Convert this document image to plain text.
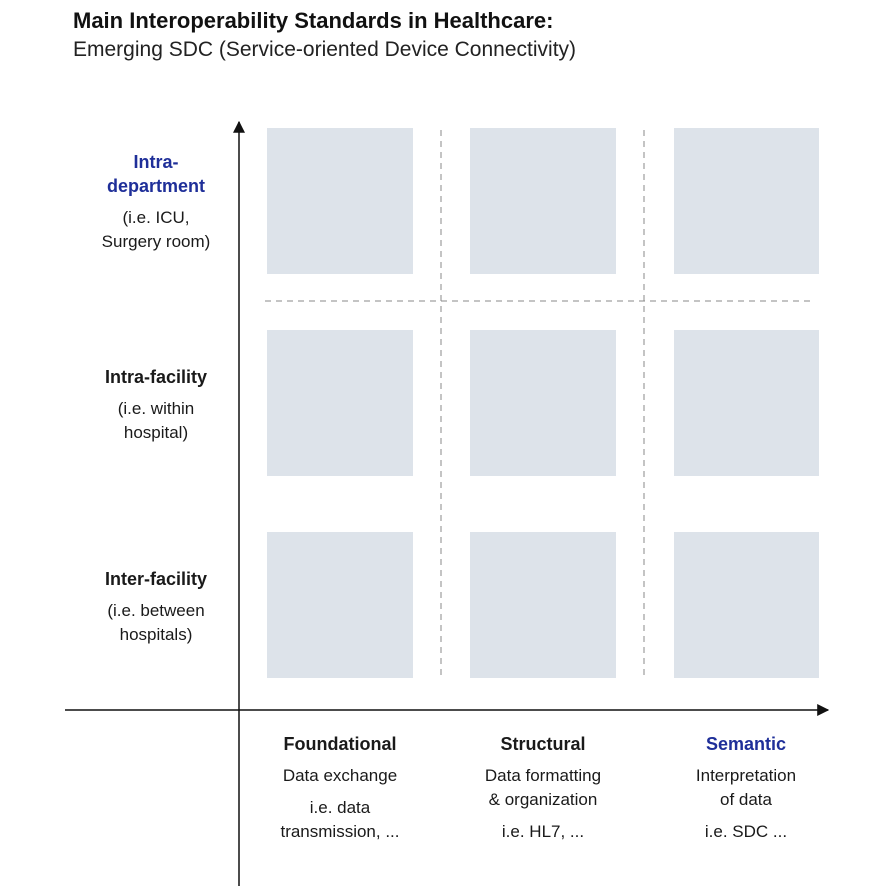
Main Interoperability Standards in Healthcare:
Emerging SDC (Service-oriented Device Connectivity)
Intra-
department
(i.e. ICU,
Surgery room)
Intra-facility
(i.e. within
hospital)
Inter-facility
(i.e. between
hospitals)
Foundational
Data exchange
i.e. data
transmission, ...
Structural
Data formatting
& organization
i.e. HL7, ...
Semantic
Interpretation
of data
i.e. SDC ...
